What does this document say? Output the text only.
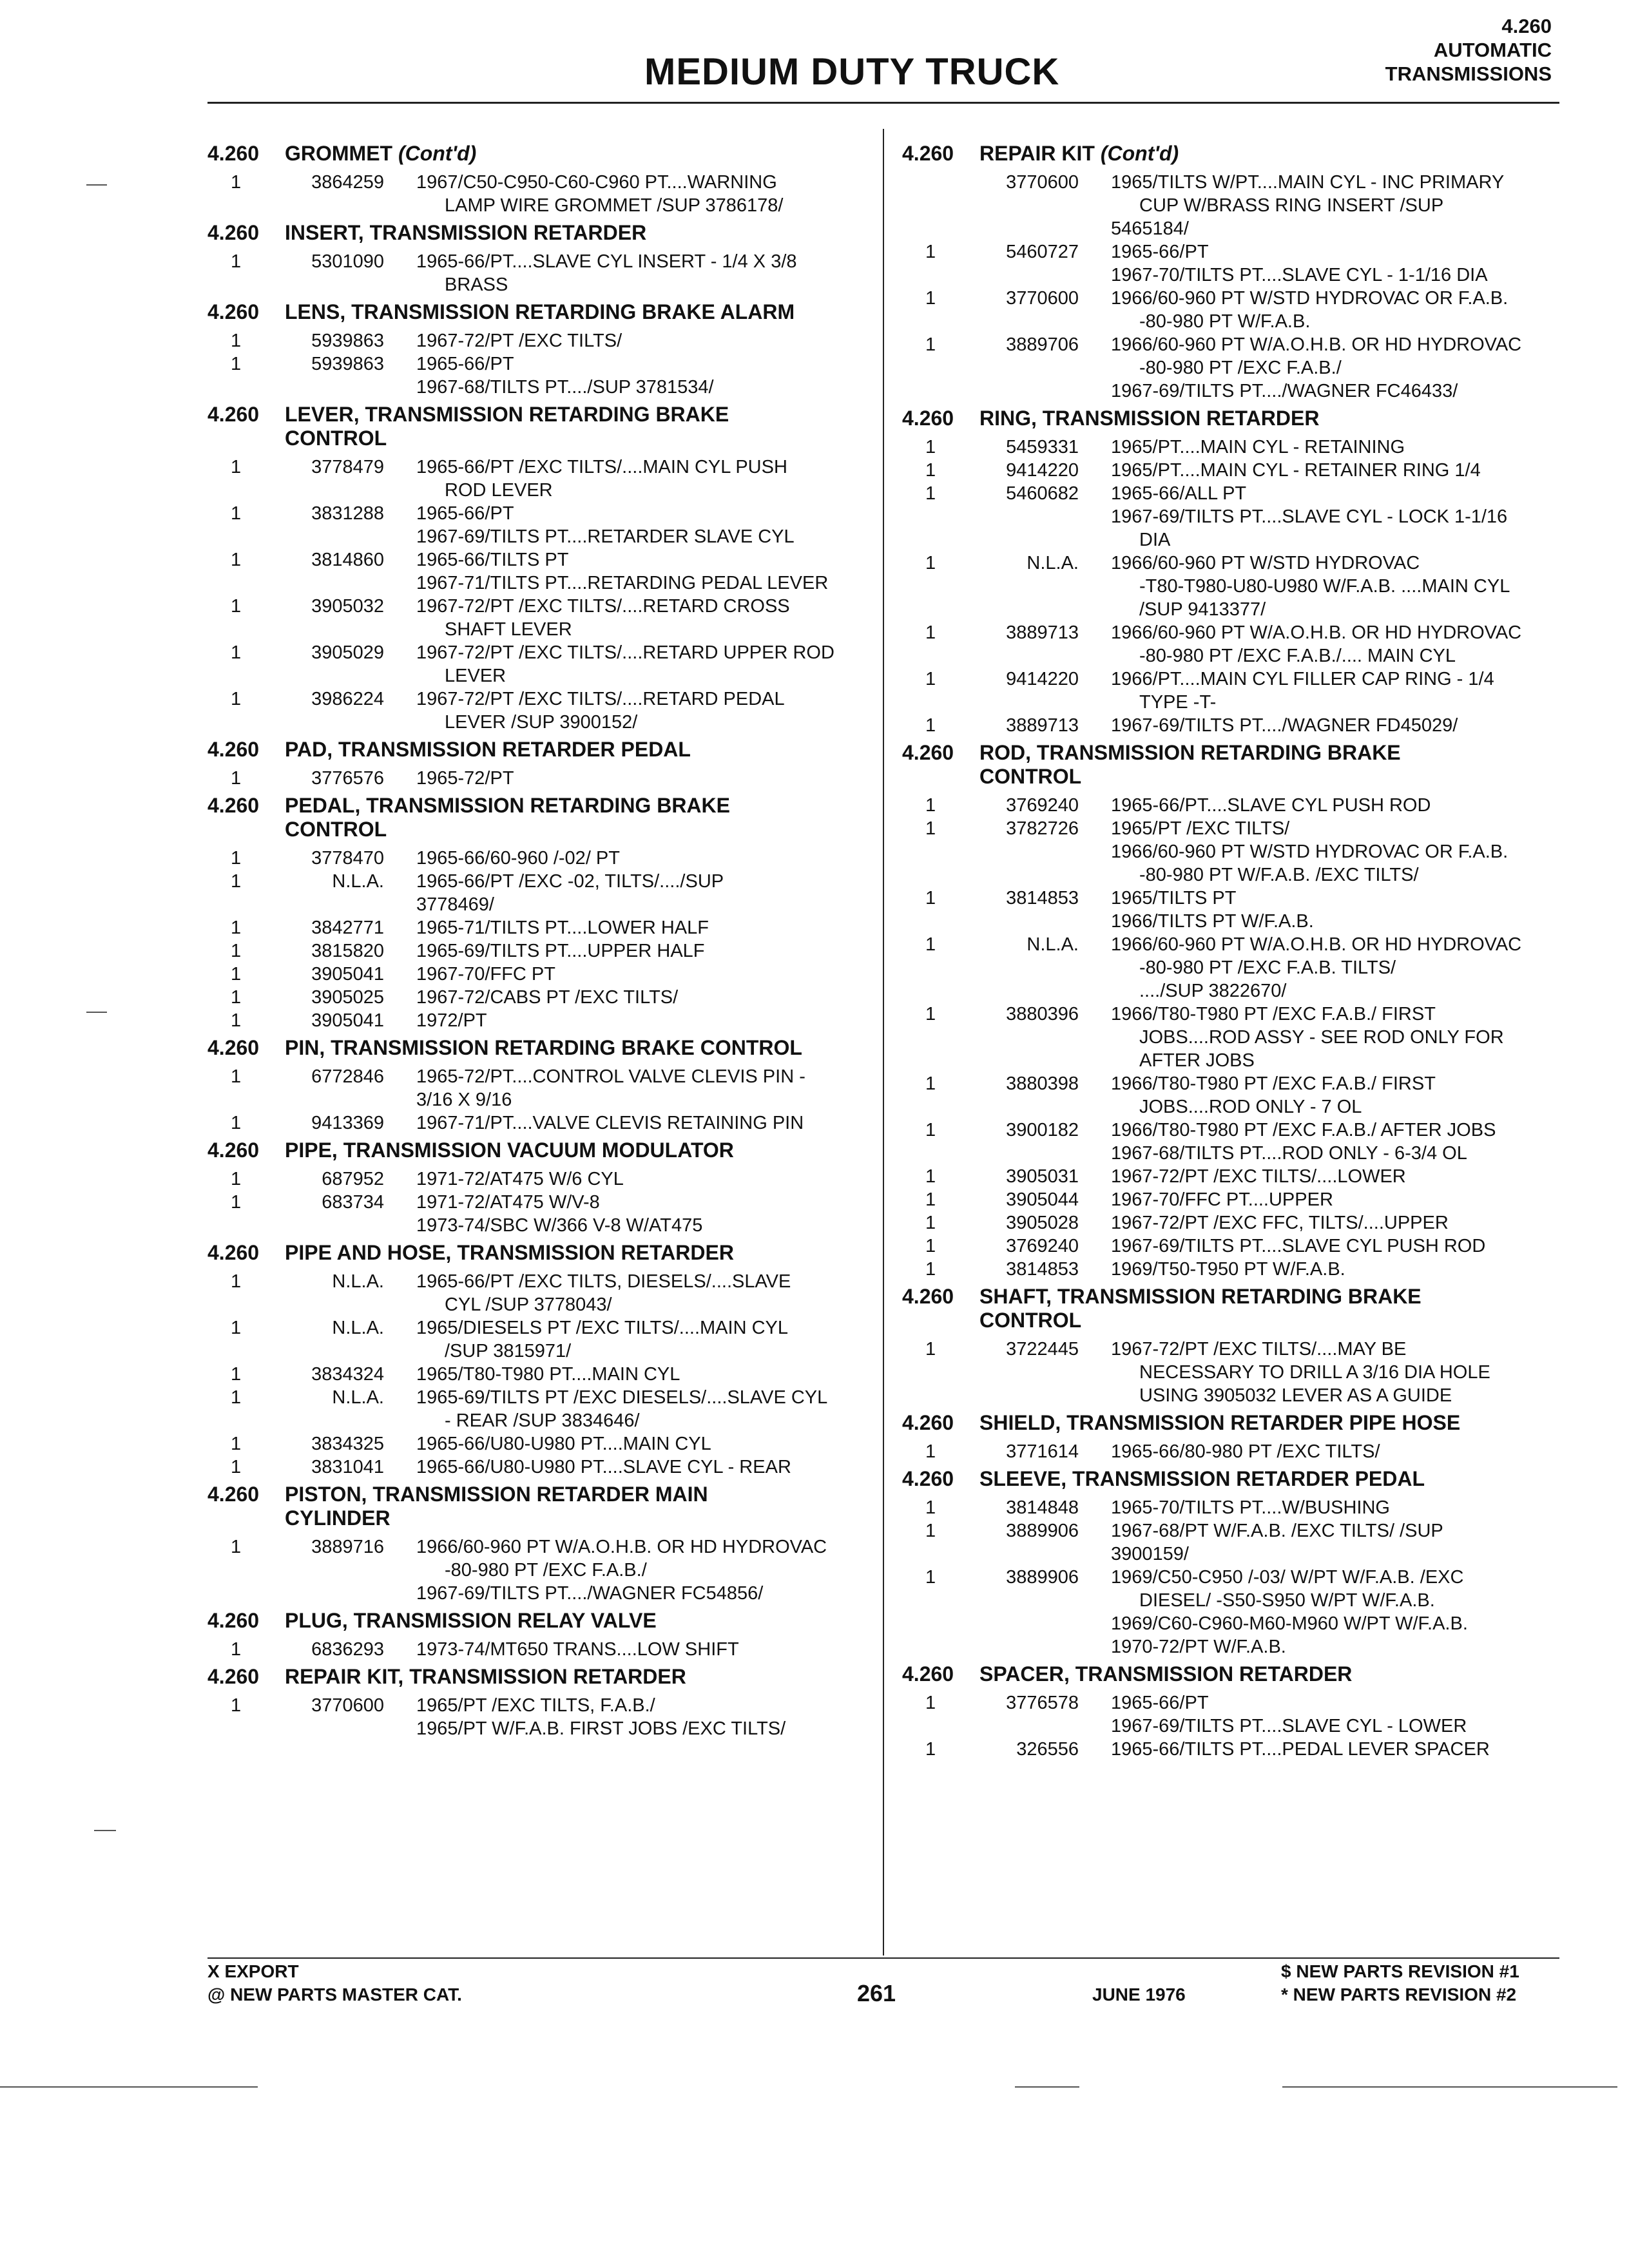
MEDIUM DUTY TRUCK
4.260
AUTOMATIC
TRANSMISSIONS
4.260	GROMMET (Cont'd)
1	3864259	1967/C50-C950-C60-C960 PT....WARNING
LAMP WIRE GROMMET /SUP 3786178/
4.260	INSERT, TRANSMISSION RETARDER
1	5301090	1965-66/PT....SLAVE CYL INSERT - 1/4 X 3/8
BRASS
4.260	LENS, TRANSMISSION RETARDING BRAKE ALARM
1	5939863	1967-72/PT /EXC TILTS/
1	5939863	1965-66/PT
1967-68/TILTS PT..../SUP 3781534/
4.260	LEVER, TRANSMISSION RETARDING BRAKE
CONTROL
1	3778479	1965-66/PT /EXC TILTS/....MAIN CYL PUSH
ROD LEVER
1	3831288	1965-66/PT
1967-69/TILTS PT....RETARDER SLAVE CYL
1	3814860	1965-66/TILTS PT
1967-71/TILTS PT....RETARDING PEDAL LEVER
1	3905032	1967-72/PT /EXC TILTS/....RETARD CROSS
SHAFT LEVER
1	3905029	1967-72/PT /EXC TILTS/....RETARD UPPER ROD
LEVER
1	3986224	1967-72/PT /EXC TILTS/....RETARD PEDAL
LEVER /SUP 3900152/
4.260	PAD, TRANSMISSION RETARDER PEDAL
1	3776576	1965-72/PT
4.260	PEDAL, TRANSMISSION RETARDING BRAKE
CONTROL
1	3778470	1965-66/60-960 /-02/ PT
1	N.L.A.	1965-66/PT /EXC -02, TILTS/..../SUP
3778469/
1	3842771	1965-71/TILTS PT....LOWER HALF
1	3815820	1965-69/TILTS PT....UPPER HALF
1	3905041	1967-70/FFC PT
1	3905025	1967-72/CABS PT /EXC TILTS/
1	3905041	1972/PT
4.260	PIN, TRANSMISSION RETARDING BRAKE CONTROL
1	6772846	1965-72/PT....CONTROL VALVE CLEVIS PIN -
3/16 X 9/16
1	9413369	1967-71/PT....VALVE CLEVIS RETAINING PIN
4.260	PIPE, TRANSMISSION VACUUM MODULATOR
1	687952	1971-72/AT475 W/6 CYL
1	683734	1971-72/AT475 W/V-8
1973-74/SBC W/366 V-8 W/AT475
4.260	PIPE AND HOSE, TRANSMISSION RETARDER
1	N.L.A.	1965-66/PT /EXC TILTS, DIESELS/....SLAVE
CYL /SUP 3778043/
1	N.L.A.	1965/DIESELS PT /EXC TILTS/....MAIN CYL
/SUP 3815971/
1	3834324	1965/T80-T980 PT....MAIN CYL
1	N.L.A.	1965-69/TILTS PT /EXC DIESELS/....SLAVE CYL
- REAR /SUP 3834646/
1	3834325	1965-66/U80-U980 PT....MAIN CYL
1	3831041	1965-66/U80-U980 PT....SLAVE CYL - REAR
4.260	PISTON, TRANSMISSION RETARDER MAIN
CYLINDER
1	3889716	1966/60-960 PT W/A.O.H.B. OR HD HYDROVAC
-80-980 PT /EXC F.A.B./
1967-69/TILTS PT..../WAGNER FC54856/
4.260	PLUG, TRANSMISSION RELAY VALVE
1	6836293	1973-74/MT650 TRANS....LOW SHIFT
4.260	REPAIR KIT, TRANSMISSION RETARDER
1	3770600	1965/PT /EXC TILTS, F.A.B./
1965/PT W/F.A.B. FIRST JOBS /EXC TILTS/
4.260	REPAIR KIT (Cont'd)
3770600	1965/TILTS W/PT....MAIN CYL - INC PRIMARY
CUP W/BRASS RING INSERT /SUP
5465184/
1	5460727	1965-66/PT
1967-70/TILTS PT....SLAVE CYL - 1-1/16 DIA
1	3770600	1966/60-960 PT W/STD HYDROVAC OR F.A.B.
-80-980 PT W/F.A.B.
1	3889706	1966/60-960 PT W/A.O.H.B. OR HD HYDROVAC
-80-980 PT /EXC F.A.B./
1967-69/TILTS PT..../WAGNER FC46433/
4.260	RING, TRANSMISSION RETARDER
1	5459331	1965/PT....MAIN CYL - RETAINING
1	9414220	1965/PT....MAIN CYL - RETAINER RING 1/4
1	5460682	1965-66/ALL PT
1967-69/TILTS PT....SLAVE CYL - LOCK 1-1/16
DIA
1	N.L.A.	1966/60-960 PT W/STD HYDROVAC
-T80-T980-U80-U980 W/F.A.B. ....MAIN CYL
/SUP 9413377/
1	3889713	1966/60-960 PT W/A.O.H.B. OR HD HYDROVAC
-80-980 PT /EXC F.A.B./.... MAIN CYL
1	9414220	1966/PT....MAIN CYL FILLER CAP RING - 1/4
TYPE -T-
1	3889713	1967-69/TILTS PT..../WAGNER FD45029/
4.260	ROD, TRANSMISSION RETARDING BRAKE
CONTROL
1	3769240	1965-66/PT....SLAVE CYL PUSH ROD
1	3782726	1965/PT /EXC TILTS/
1966/60-960 PT W/STD HYDROVAC OR F.A.B.
-80-980 PT W/F.A.B. /EXC TILTS/
1	3814853	1965/TILTS PT
1966/TILTS PT W/F.A.B.
1	N.L.A.	1966/60-960 PT W/A.O.H.B. OR HD HYDROVAC
-80-980 PT /EXC F.A.B. TILTS/
..../SUP 3822670/
1	3880396	1966/T80-T980 PT /EXC F.A.B./ FIRST
JOBS....ROD ASSY - SEE ROD ONLY FOR
AFTER JOBS
1	3880398	1966/T80-T980 PT /EXC F.A.B./ FIRST
JOBS....ROD ONLY - 7 OL
1	3900182	1966/T80-T980 PT /EXC F.A.B./ AFTER JOBS
1967-68/TILTS PT....ROD ONLY - 6-3/4 OL
1	3905031	1967-72/PT /EXC TILTS/....LOWER
1	3905044	1967-70/FFC PT....UPPER
1	3905028	1967-72/PT /EXC FFC, TILTS/....UPPER
1	3769240	1967-69/TILTS PT....SLAVE CYL PUSH ROD
1	3814853	1969/T50-T950 PT W/F.A.B.
4.260	SHAFT, TRANSMISSION RETARDING BRAKE
CONTROL
1	3722445	1967-72/PT /EXC TILTS/....MAY BE
NECESSARY TO DRILL A 3/16 DIA HOLE
USING 3905032 LEVER AS A GUIDE
4.260	SHIELD, TRANSMISSION RETARDER PIPE HOSE
1	3771614	1965-66/80-980 PT /EXC TILTS/
4.260	SLEEVE, TRANSMISSION RETARDER PEDAL
1	3814848	1965-70/TILTS PT....W/BUSHING
1	3889906	1967-68/PT W/F.A.B. /EXC TILTS/ /SUP
3900159/
1	3889906	1969/C50-C950 /-03/ W/PT W/F.A.B. /EXC
DIESEL/ -S50-S950 W/PT W/F.A.B.
1969/C60-C960-M60-M960 W/PT W/F.A.B.
1970-72/PT W/F.A.B.
4.260	SPACER, TRANSMISSION RETARDER
1	3776578	1965-66/PT
1967-69/TILTS PT....SLAVE CYL - LOWER
1	326556	1965-66/TILTS PT....PEDAL LEVER SPACER
X EXPORT
@ NEW PARTS MASTER CAT.	261	JUNE 1976
$ NEW PARTS REVISION #1
* NEW PARTS REVISION #2
